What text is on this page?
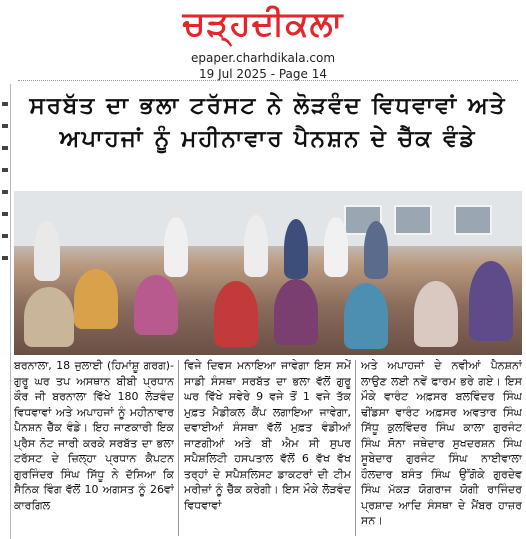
ਚੜ੍ਹਦੀਕਲਾ
epaper.charhdikala.com
19 Jul 2025 - Page 14
ਸਰਬੱਤ ਦਾ ਭਲਾ ਟਰੱਸਟ ਨੇ ਲੋੜਵੰਦ ਵਿਧਵਾਵਾਂ ਅਤੇ
ਅਪਾਹਜਾਂ ਨੂੰ ਮਹੀਨਾਵਾਰ ਪੈਨਸ਼ਨ ਦੇ ਚੈੱਕ ਵੰਡੇ
ਬਰਨਾਲਾ, 18 ਜੁਲਾਈ (ਹਿਮਾਂਸ਼ੂ ਗਰਗ)- ਗੁਰੂ ਘਰ ਤਪ ਅਸਥਾਨ ਬੀਬੀ ਪ੍ਰਧਾਨ ਕੌਰ ਜੀ ਬਰਨਾਲਾ ਵਿੱਖੇ 180 ਲੋੜਵੰਦ ਵਿਧਵਾਵਾਂ ਅਤੇ ਅਪਾਹਜਾਂ ਨੂੰ ਮਹੀਨਾਵਾਰ ਪੈਨਸ਼ਨ ਚੈੱਕ ਵੰਡੇ। ਇਹ ਜਾਣਕਾਰੀ ਇਕ ਪ੍ਰੈਸ ਨੋਟ ਜਾਰੀ ਕਰਕੇ ਸਰਬੱਤ ਦਾ ਭਲਾ ਟਰੱਸਟ ਦੇ ਜ਼ਿਲ੍ਹਾ ਪ੍ਰਧਾਨ ਕੈਪਟਨ ਗੁਰਜਿੰਦਰ ਸਿੰਘ ਸਿੱਧੂ ਨੇ ਦੱਸਿਆ ਕਿ ਸੈਨਿਕ ਵਿੰਗ ਵੱਲੋਂ 10 ਅਗਸਤ ਨੂੰ 26ਵਾਂ ਕਾਰਗਿਲ
ਵਿਜੇ ਦਿਵਸ ਮਨਾਇਆ ਜਾਵੇਗਾ ਇਸ ਸਮੇਂ ਸਾਡੀ ਸੰਸਥਾ ਸਰਬੱਤ ਦਾ ਭਲਾ ਵੱਲੋਂ ਗੁਰੂ ਘਰ ਵਿੱਖੇ ਸਵੇਰੇ 9 ਵਜੇ ਤੋਂ 1 ਵਜੇ ਤੱਕ ਮੁਫ਼ਤ ਮੈਡੀਕਲ ਕੈਂਪ ਲਗਾਇਆ ਜਾਵੇਗਾ, ਦਵਾਈਆਂ ਸੰਸਥਾ ਵੱਲੋਂ ਮੁਫ਼ਤ ਵੰਡੀਆਂ ਜਾਣਗੀਆਂ ਅਤੇ ਬੀ ਐਮ ਸੀ ਸੁਪਰ ਸਪੈਸ਼ਲਿਟੀ ਹਸਪਤਾਲ ਵੱਲੋਂ 6 ਵੱਖ ਵੱਖ ਤਰ੍ਹਾਂ ਦੇ ਸਪੈਸ਼ਲਿਸਟ ਡਾਕਟਰਾਂ ਦੀ ਟੀਮ ਮਰੀਜ਼ਾਂ ਨੂੰ ਚੈੱਕ ਕਰੇਗੀ। ਇਸ ਮੌਕੇ ਲੋੜਵੰਦ ਵਿਧਵਾਵਾਂ
ਅਤੇ ਅਪਾਹਜਾਂ ਦੇ ਨਵੀਆਂ ਪੈਨਸ਼ਨਾਂ ਲਾਉਣ ਲਈ ਨਵੇਂ ਫਾਰਮ ਭਰੇ ਗਏ। ਇਸ ਮੌਕੇ ਵਾਰੰਟ ਅਫ਼ਸਰ ਬਲਵਿੰਦਰ ਸਿੰਘ ਢੀਂਡਸਾ ਵਾਰੰਟ ਅਫ਼ਸਰ ਅਵਤਾਰ ਸਿੰਘ ਸਿੱਧੂ ਕੁਲਵਿੰਦਰ ਸਿੰਘ ਕਾਲਾ ਗੁਰਜੰਟ ਸਿੰਘ ਸੋਨਾ ਜਥੇਦਾਰ ਸੁਖਦਰਸ਼ਨ ਸਿੰਘ ਸੂਬੇਦਾਰ ਗੁਰਜੰਟ ਸਿੰਘ ਨਾਈਵਾਲਾ ਹੌਲਦਾਰ ਬਸੰਤ ਸਿੰਘ ਉੱਗੋਕੇ ਗੁਰਦੇਵ ਸਿੰਘ ਮੱਕੜ ਯੋਗਰਾਜ ਯੋਗੀ ਰਾਜਿੰਦਰ ਪ੍ਰਸ਼ਾਦ ਆਦਿ ਸੰਸਥਾ ਦੇ ਮੈਂਬਰ ਹਾਜ਼ਰ ਸਨ।
